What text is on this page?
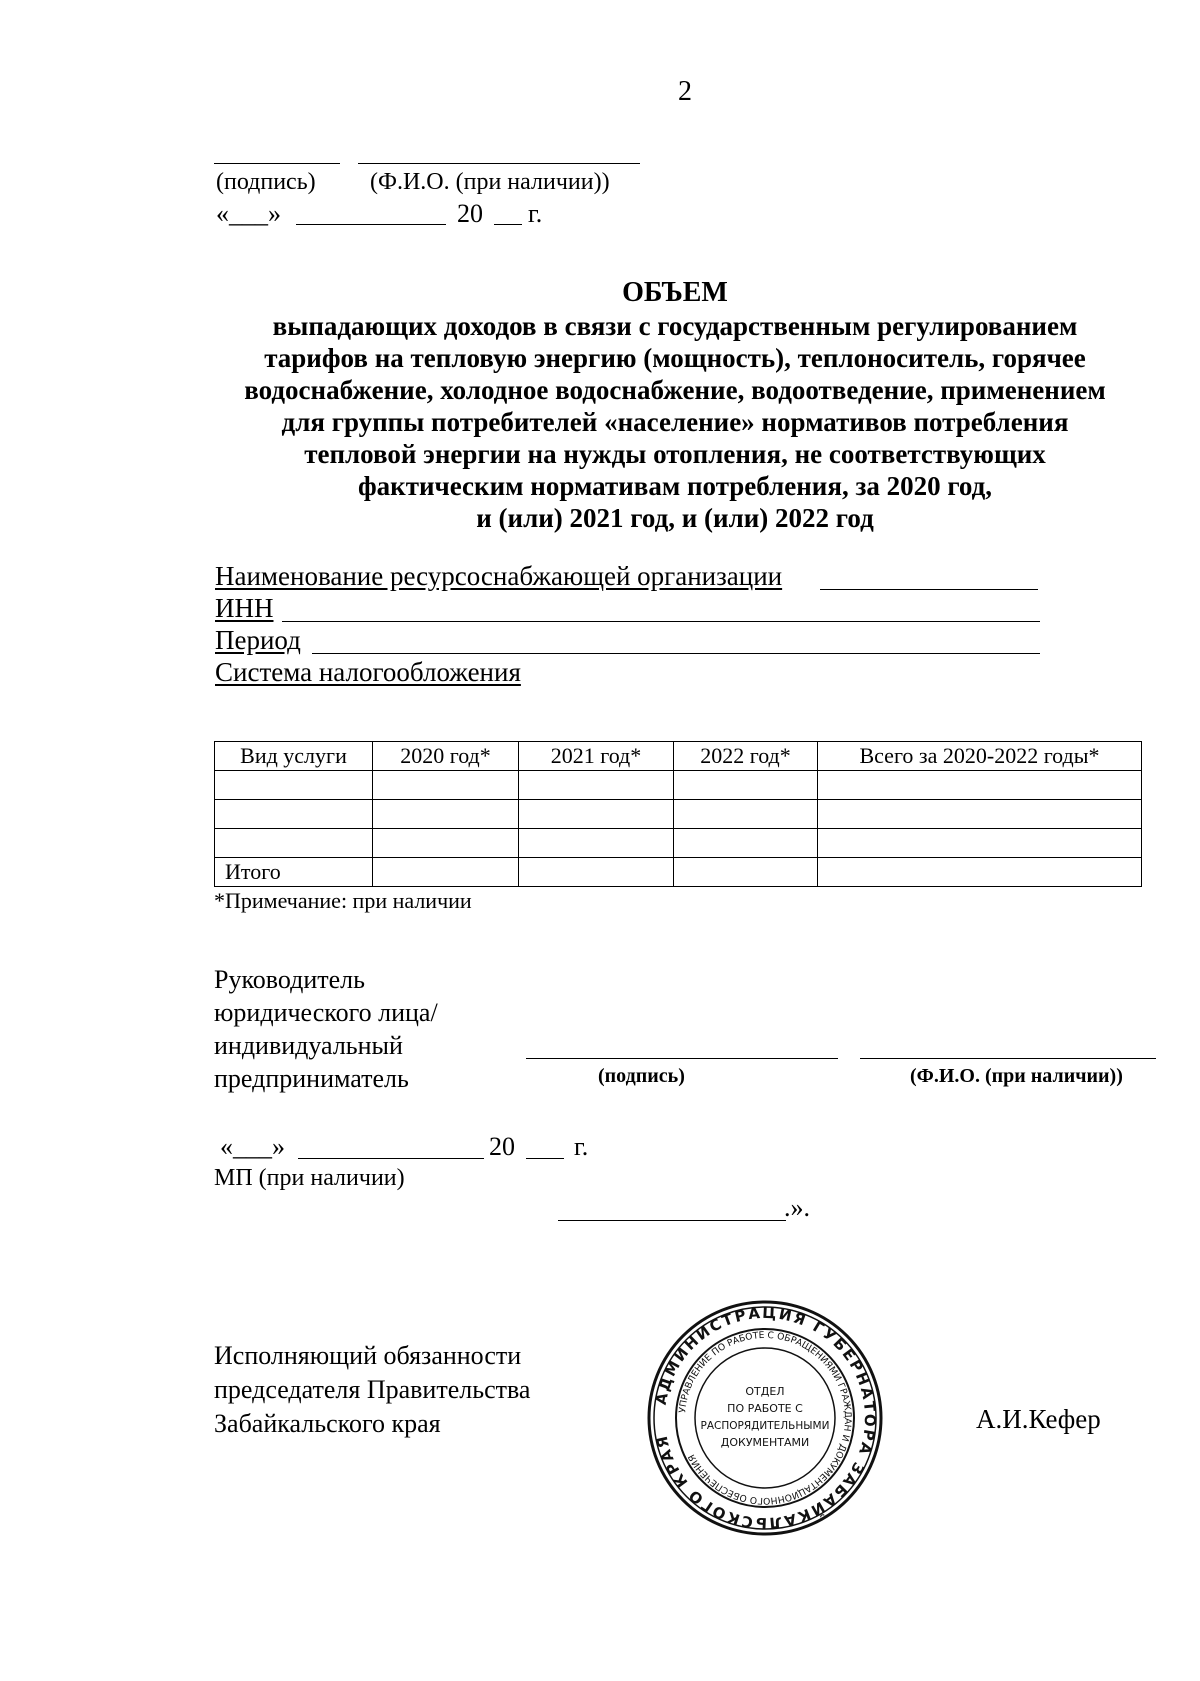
2
(подпись) (Ф.И.О. (при наличии))
«___»	20 г.
ОБЪЕМ
выпадающих доходов в связи с государственным регулированием
тарифов на тепловую энергию (мощность), теплоноситель, горячее
водоснабжение, холодное водоснабжение, водоотведение, применением
для группы потребителей «население» нормативов потребления
тепловой энергии на нужды отопления, не соответствующих
фактическим нормативам потребления, за 2020 год,
и (или) 2021 год, и (или) 2022 год
Наименование ресурсоснабжающей организации
ИНН
Период
Система налогообложения
Вид услуги	2020 год*	2021 год*	2022 год*	Всего за 2020-2022 годы*

Итого				
*Примечание: при наличии
Руководитель
юридического лица/
индивидуальный
предприниматель	(подпись)	(Ф.И.О. (при наличии))
«___»	20 г.
МП (при наличии)
.».
Исполняющий обязанности
председателя Правительства
Забайкальского края	А.И.Кефер
АДМИНИСТРАЦИЯ ГУБЕРНАТОРА ЗАБАЙКАЛЬСКОГО КРАЯ
УПРАВЛЕНИЕ ПО РАБОТЕ С ОБРАЩЕНИЯМИ ГРАЖДАН И ДОКУМЕНТАЦИОННОГО ОБЕСПЕЧЕНИЯ
ОТДЕЛ
ПО РАБОТЕ С
РАСПОРЯДИТЕЛЬНЫМИ
ДОКУМЕНТАМИ
